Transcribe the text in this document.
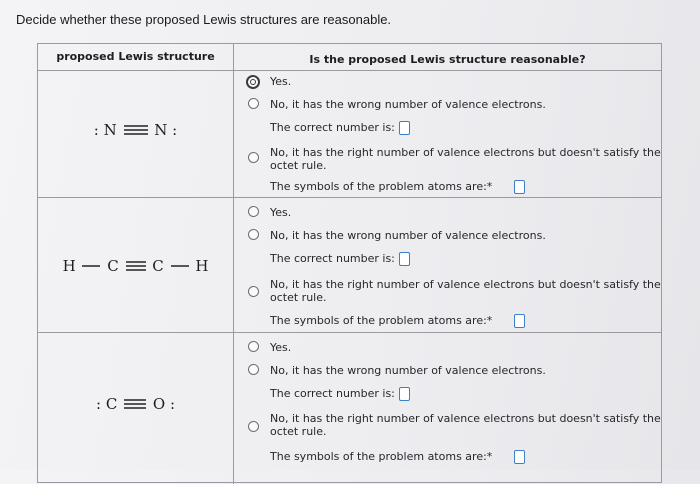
Decide whether these proposed Lewis structures are reasonable.
proposed Lewis structure	Is the proposed Lewis structure reasonable?
: N	N :
H C C H
: C O :
Yes.
No, it has the wrong number of valence electrons.
The correct number is:
No, it has the right number of valence electrons but doesn't satisfy the
octet rule.
The symbols of the problem atoms are:*
Yes.
No, it has the wrong number of valence electrons.
The correct number is:
No, it has the right number of valence electrons but doesn't satisfy the
octet rule.
The symbols of the problem atoms are:*
Yes.
No, it has the wrong number of valence electrons.
The correct number is:
No, it has the right number of valence electrons but doesn't satisfy the
octet rule.
The symbols of the problem atoms are:*
